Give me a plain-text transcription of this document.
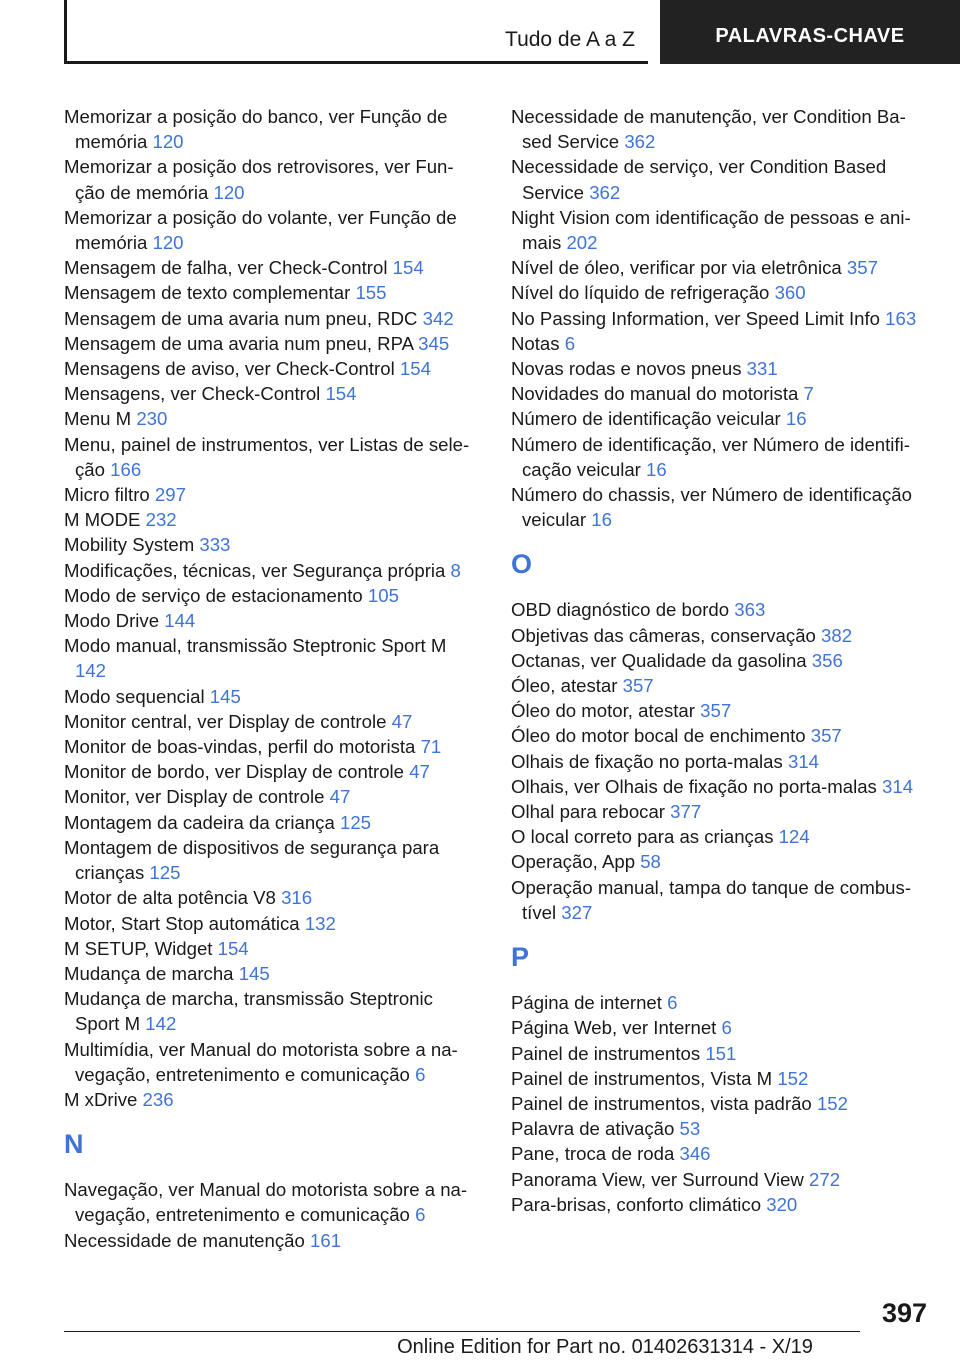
Tudo de A a Z	PALAVRAS-CHAVE
Memorizar a posição do banco, ver Função de memória 120
Memorizar a posição dos retrovisores, ver Função de memória 120
Memorizar a posição do volante, ver Função de memória 120
Mensagem de falha, ver Check-Control 154
Mensagem de texto complementar 155
Mensagem de uma avaria num pneu, RDC 342
Mensagem de uma avaria num pneu, RPA 345
Mensagens de aviso, ver Check-Control 154
Mensagens, ver Check-Control 154
Menu M 230
Menu, painel de instrumentos, ver Listas de seleção 166
Micro filtro 297
M MODE 232
Mobility System 333
Modificações, técnicas, ver Segurança própria 8
Modo de serviço de estacionamento 105
Modo Drive 144
Modo manual, transmissão Steptronic Sport M 142
Modo sequencial 145
Monitor central, ver Display de controle 47
Monitor de boas-vindas, perfil do motorista 71
Monitor de bordo, ver Display de controle 47
Monitor, ver Display de controle 47
Montagem da cadeira da criança 125
Montagem de dispositivos de segurança para crianças 125
Motor de alta potência V8 316
Motor, Start Stop automática 132
M SETUP, Widget 154
Mudança de marcha 145
Mudança de marcha, transmissão Steptronic Sport M 142
Multimídia, ver Manual do motorista sobre a navegação, entretenimento e comunicação 6
M xDrive 236
N
Navegação, ver Manual do motorista sobre a navegação, entretenimento e comunicação 6
Necessidade de manutenção 161
Necessidade de manutenção, ver Condition Based Service 362
Necessidade de serviço, ver Condition Based Service 362
Night Vision com identificação de pessoas e animais 202
Nível de óleo, verificar por via eletrônica 357
Nível do líquido de refrigeração 360
No Passing Information, ver Speed Limit Info 163
Notas 6
Novas rodas e novos pneus 331
Novidades do manual do motorista 7
Número de identificação veicular 16
Número de identificação, ver Número de identificação veicular 16
Número do chassis, ver Número de identificação veicular 16
O
OBD diagnóstico de bordo 363
Objetivas das câmeras, conservação 382
Octanas, ver Qualidade da gasolina 356
Óleo, atestar 357
Óleo do motor, atestar 357
Óleo do motor bocal de enchimento 357
Olhais de fixação no porta-malas 314
Olhais, ver Olhais de fixação no porta-malas 314
Olhal para rebocar 377
O local correto para as crianças 124
Operação, App 58
Operação manual, tampa do tanque de combustível 327
P
Página de internet 6
Página Web, ver Internet 6
Painel de instrumentos 151
Painel de instrumentos, Vista M 152
Painel de instrumentos, vista padrão 152
Palavra de ativação 53
Pane, troca de roda 346
Panorama View, ver Surround View 272
Para-brisas, conforto climático 320
397
Online Edition for Part no. 01402631314 - X/19
